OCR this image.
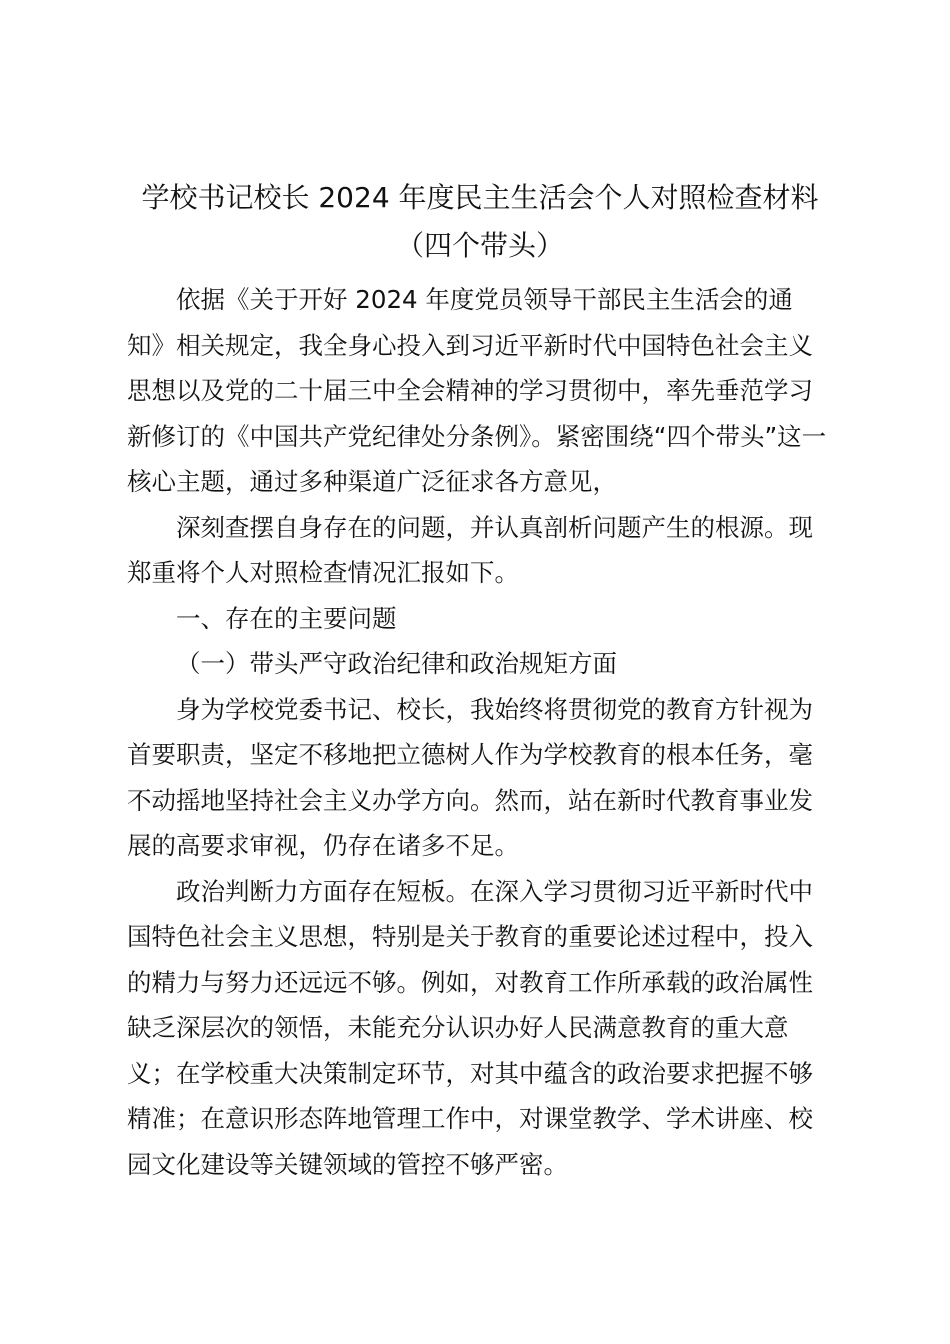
学校书记校长 2024 年度民主生活会个人对照检查材料
（四个带头）

依据《关于开好 2024 年度党员领导干部民主生活会的通知》相关规定，我全身心投入到习近平新时代中国特色社会主义思想以及党的二十届三中全会精神的学习贯彻中，率先垂范学习新修订的《中国共产党纪律处分条例》。紧密围绕“四个带头”这一核心主题，通过多种渠道广泛征求各方意见，

深刻查摆自身存在的问题，并认真剖析问题产生的根源。现郑重将个人对照检查情况汇报如下。

一、存在的主要问题

（一）带头严守政治纪律和政治规矩方面

身为学校党委书记、校长，我始终将贯彻党的教育方针视为首要职责，坚定不移地把立德树人作为学校教育的根本任务，毫不动摇地坚持社会主义办学方向。然而，站在新时代教育事业发展的高要求审视，仍存在诸多不足。

政治判断力方面存在短板。在深入学习贯彻习近平新时代中国特色社会主义思想，特别是关于教育的重要论述过程中，投入的精力与努力还远远不够。例如，对教育工作所承载的政治属性缺乏深层次的领悟，未能充分认识办好人民满意教育的重大意义；在学校重大决策制定环节，对其中蕴含的政治要求把握不够精准；在意识形态阵地管理工作中，对课堂教学、学术讲座、校园文化建设等关键领域的管控不够严密。
